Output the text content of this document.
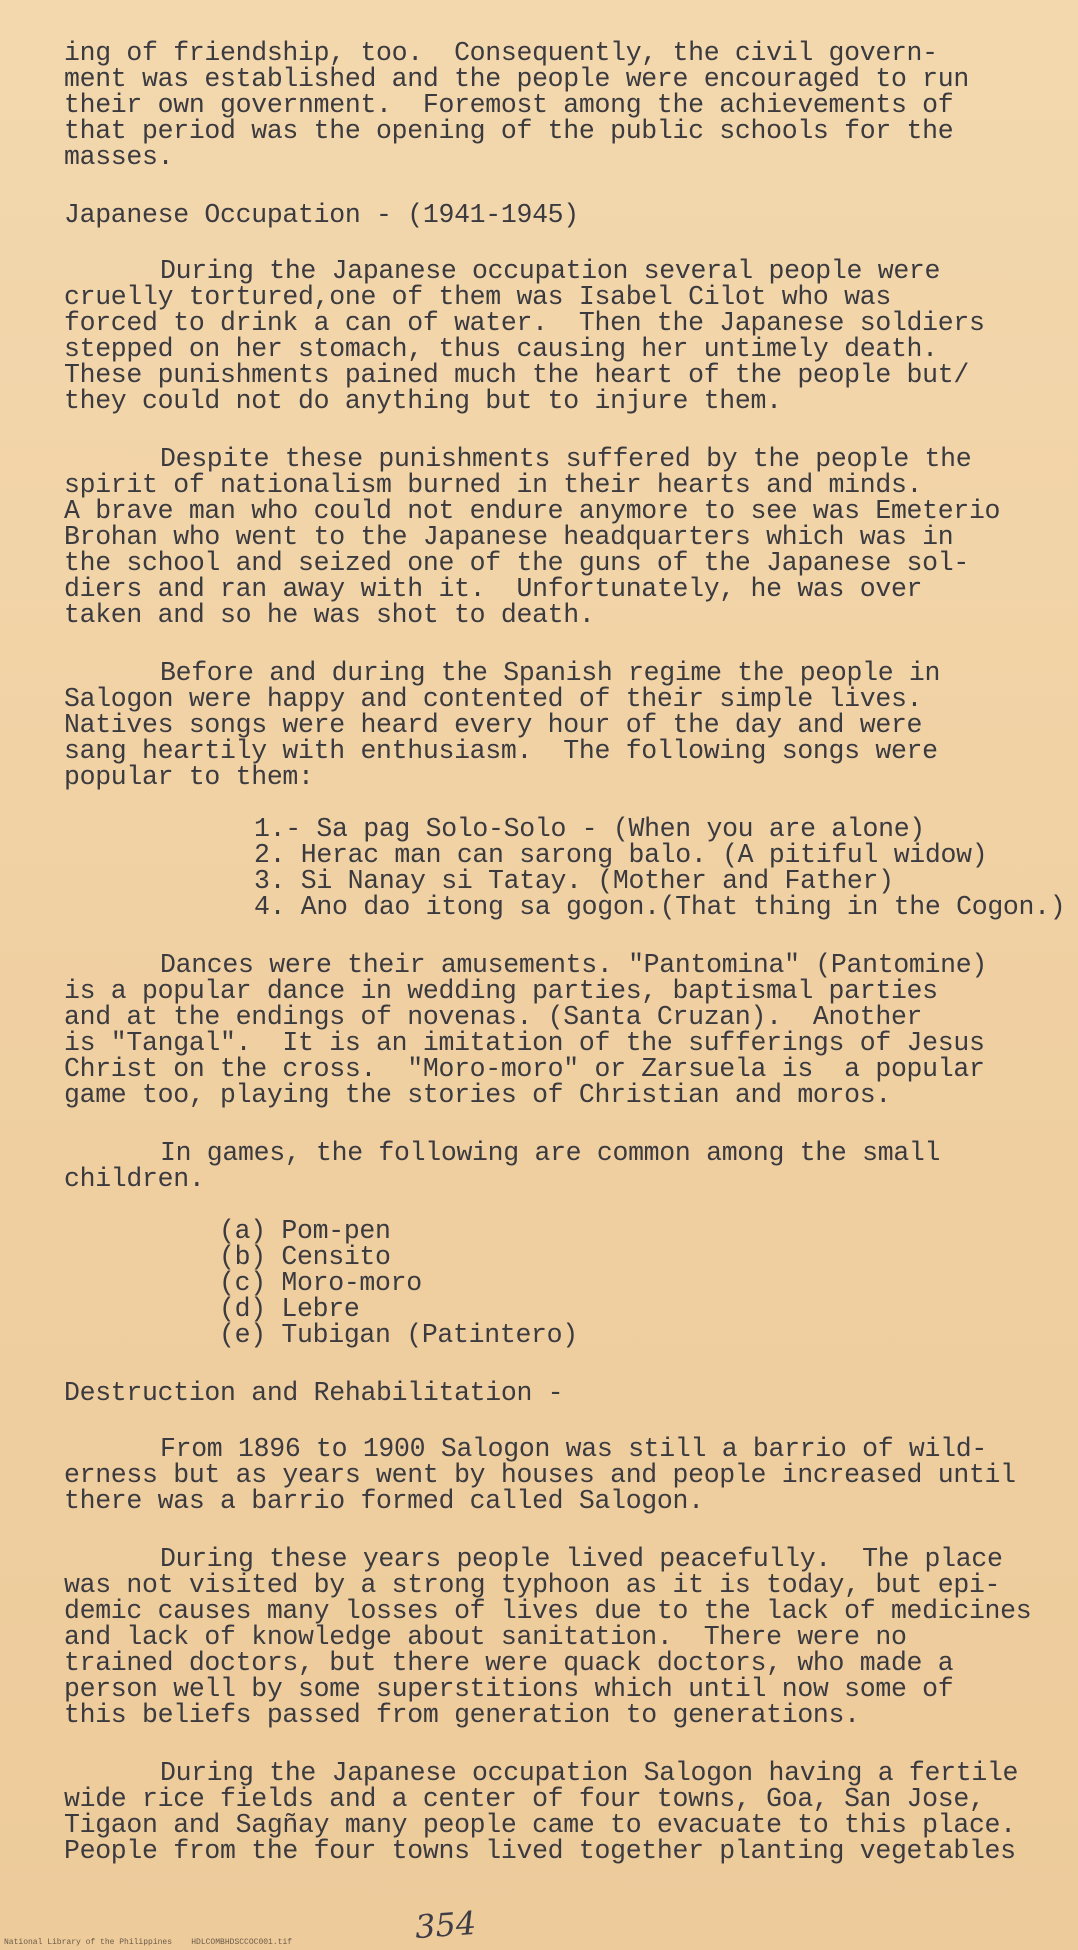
ing of friendship, too.  Consequently, the civil govern-
ment was established and the people were encouraged to run
their own government.  Foremost among the achievements of
that period was the opening of the public schools for the
masses.
Japanese Occupation - (1941-1945)
During the Japanese occupation several people were
cruelly tortured,one of them was Isabel Cilot who was
forced to drink a can of water.  Then the Japanese soldiers
stepped on her stomach, thus causing her untimely death.
These punishments pained much the heart of the people but/
they could not do anything but to injure them.
Despite these punishments suffered by the people the
spirit of nationalism burned in their hearts and minds.
A brave man who could not endure anymore to see was Emeterio
Brohan who went to the Japanese headquarters which was in
the school and seized one of the guns of the Japanese sol-
diers and ran away with it.  Unfortunately, he was over
taken and so he was shot to death.
Before and during the Spanish regime the people in
Salogon were happy and contented of their simple lives.
Natives songs were heard every hour of the day and were
sang heartily with enthusiasm.  The following songs were
popular to them:
1.- Sa pag Solo-Solo - (When you are alone)
2. Herac man can sarong balo. (A pitiful widow)
3. Si Nanay si Tatay. (Mother and Father)
4. Ano dao itong sa gogon.(That thing in the Cogon.)
Dances were their amusements. "Pantomina" (Pantomine)
is a popular dance in wedding parties, baptismal parties
and at the endings of novenas. (Santa Cruzan).  Another
is "Tangal".  It is an imitation of the sufferings of Jesus
Christ on the cross.  "Moro-moro" or Zarsuela is  a popular
game too, playing the stories of Christian and moros.
In games, the following are common among the small
children.
(a) Pom-pen
(b) Censito
(c) Moro-moro
(d) Lebre
(e) Tubigan (Patintero)
Destruction and Rehabilitation -
From 1896 to 1900 Salogon was still a barrio of wild-
erness but as years went by houses and people increased until
there was a barrio formed called Salogon.
During these years people lived peacefully.  The place
was not visited by a strong typhoon as it is today, but epi-
demic causes many losses of lives due to the lack of medicines
and lack of knowledge about sanitation.  There were no
trained doctors, but there were quack doctors, who made a
person well by some superstitions which until now some of
this beliefs passed from generation to generations.
During the Japanese occupation Salogon having a fertile
wide rice fields and a center of four towns, Goa, San Jose,
Tigaon and Sagñay many people came to evacuate to this place.
People from the four towns lived together planting vegetables
354
National Library of the Philippines    HDLCOMBHDSCCOC001.tif
